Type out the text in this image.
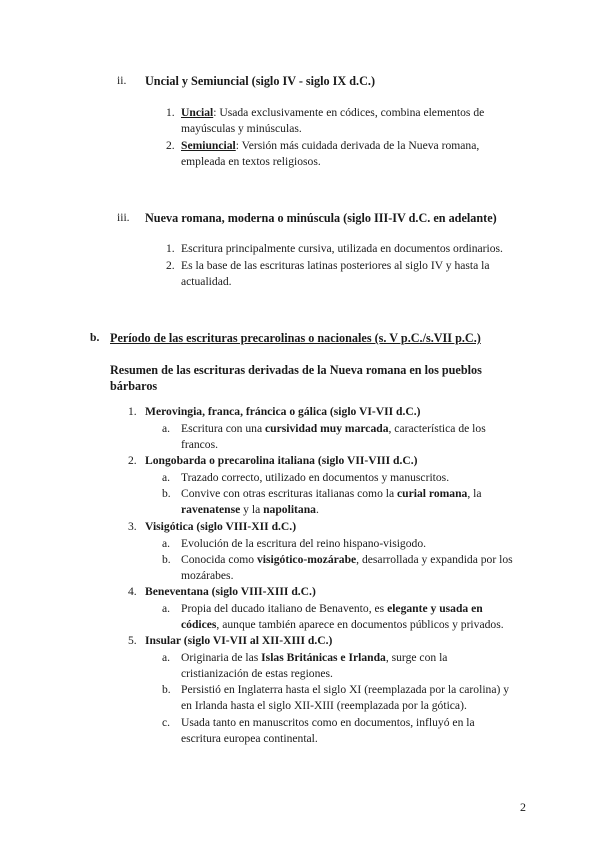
ii. Uncial y Semiuncial (siglo IV - siglo IX d.C.)
1. Uncial: Usada exclusivamente en códices, combina elementos de
mayúsculas y minúsculas.
2. Semiuncial: Versión más cuidada derivada de la Nueva romana,
empleada en textos religiosos.
iii. Nueva romana, moderna o minúscula (siglo III-IV d.C. en adelante)
1. Escritura principalmente cursiva, utilizada en documentos ordinarios.
2. Es la base de las escrituras latinas posteriores al siglo IV y hasta la
actualidad.
b. Período de las escrituras precarolinas o nacionales (s. V p.C./s.VII p.C.)
Resumen de las escrituras derivadas de la Nueva romana en los pueblos
bárbaros
1. Merovingia, franca, fráncica o gálica (siglo VI-VII d.C.)
a. Escritura con una cursividad muy marcada, característica de los
francos.
2. Longobarda o precarolina italiana (siglo VII-VIII d.C.)
a. Trazado correcto, utilizado en documentos y manuscritos.
b. Convive con otras escrituras italianas como la curial romana, la
ravenatense y la napolitana.
3. Visigótica (siglo VIII-XII d.C.)
a. Evolución de la escritura del reino hispano-visigodo.
b. Conocida como visigótico-mozárabe, desarrollada y expandida por los
mozárabes.
4. Beneventana (siglo VIII-XIII d.C.)
a. Propia del ducado italiano de Benavento, es elegante y usada en
códices, aunque también aparece en documentos públicos y privados.
5. Insular (siglo VI-VII al XII-XIII d.C.)
a. Originaria de las Islas Británicas e Irlanda, surge con la
cristianización de estas regiones.
b. Persistió en Inglaterra hasta el siglo XI (reemplazada por la carolina) y
en Irlanda hasta el siglo XII-XIII (reemplazada por la gótica).
c. Usada tanto en manuscritos como en documentos, influyó en la
escritura europea continental.
2
